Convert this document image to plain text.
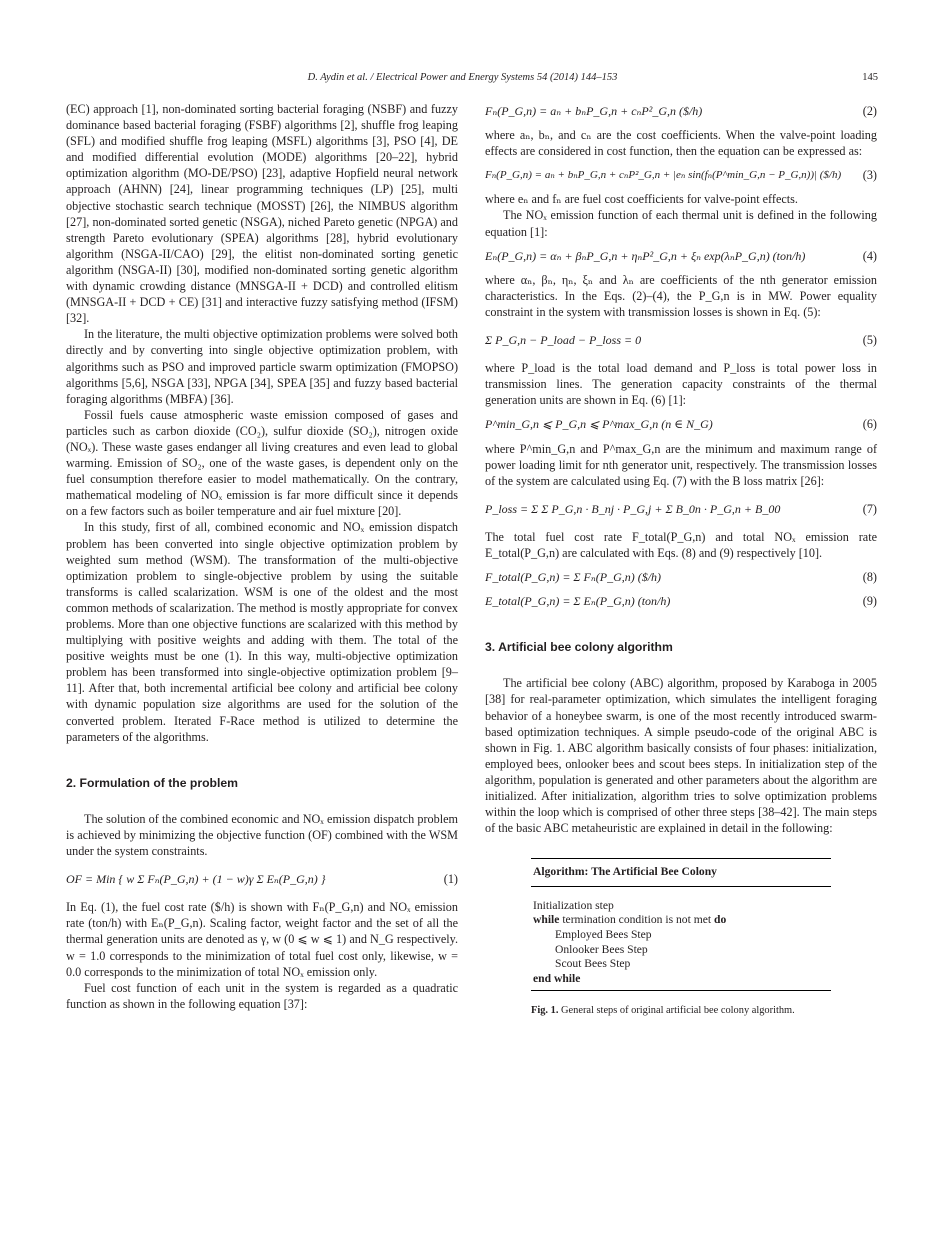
D. Aydin et al. / Electrical Power and Energy Systems 54 (2014) 144–153	145

(EC) approach [1], non-dominated sorting bacterial foraging (NSBF) and fuzzy dominance based bacterial foraging (FSBF) algorithms [2], shuffle frog leaping (SFL) and modified shuffle frog leaping (MSFL) algorithms [3], PSO [4], DE and modified differential evolution (MODE) algorithms [20–22], hybrid optimization algorithm (MO-DE/PSO) [23], adaptive Hopfield neural network approach (AHNN) [24], linear programming techniques (LP) [25], multi objective stochastic search technique (MOSST) [26], the NIMBUS algorithm [27], non-dominated sorted genetic (NSGA), niched Pareto genetic (NPGA) and strength Pareto evolutionary (SPEA) algorithms [28], hybrid evolutionary algorithm (NSGA-II/CAO) [29], the elitist non-dominated sorting genetic algorithm (NSGA-II) [30], modified non-dominated sorting genetic algorithm with dynamic crowding distance (MNSGA-II + DCD) and controlled elitism (MNSGA-II + DCD + CE) [31] and interactive fuzzy satisfying method (IFSM) [32].

In the literature, the multi objective optimization problems were solved both directly and by converting into single objective optimization problem, with algorithms such as PSO and improved particle swarm optimization (FMOPSO) algorithms [5,6], NSGA [33], NPGA [34], SPEA [35] and fuzzy based bacterial foraging algorithms (MBFA) [36].

Fossil fuels cause atmospheric waste emission composed of gases and particles such as carbon dioxide (CO₂), sulfur dioxide (SO₂), nitrogen oxide (NOₓ). These waste gases endanger all living creatures and even lead to global warming. Emission of SO₂, one of the waste gases, is dependent only on the fuel consumption therefore easier to model mathematically. On the contrary, mathematical modeling of NOₓ emission is far more difficult since it depends on a few factors such as boiler temperature and air fuel mixture [20].

In this study, first of all, combined economic and NOₓ emission dispatch problem has been converted into single objective optimization problem by weighted sum method (WSM). The transformation of the multi-objective optimization problem to single-objective problem by using the suitable transforms is called scalarization. WSM is one of the oldest and the most common methods of scalarization. The method is mostly appropriate for convex problems. More than one objective functions are scalarized with this method by multiplying with positive weights and adding with them. The total of the positive weights must be one (1). In this way, multi-objective optimization problem has been transformed into single-objective optimization problem [9–11]. After that, both incremental artificial bee colony and artificial bee colony with dynamic population size algorithms are used for the solution of the converted problem. Iterated F-Race method is utilized to determine the parameters of the algorithms.

2. Formulation of the problem

The solution of the combined economic and NOₓ emission dispatch problem is achieved by minimizing the objective function (OF) combined with the WSM under the system constraints.

OF = Min { w Σ Fₙ(P_G,n) + (1 − w)γ Σ Eₙ(P_G,n) }	(1)

In Eq. (1), the fuel cost rate ($/h) is shown with Fₙ(P_G,n) and NOₓ emission rate (ton/h) with Eₙ(P_G,n). Scaling factor, weight factor and the set of all the thermal generation units are denoted as γ, w (0 ⩽ w ⩽ 1) and N_G respectively. w = 1.0 corresponds to the minimization of total fuel cost only, likewise, w = 0.0 corresponds to the minimization of total NOₓ emission only.

Fuel cost function of each unit in the system is regarded as a quadratic function as shown in the following equation [37]:

Fₙ(P_G,n) = aₙ + bₙP_G,n + cₙP²_G,n ($/h)	(2)

where aₙ, bₙ, and cₙ are the cost coefficients. When the valve-point loading effects are considered in cost function, then the equation can be expressed as:

Fₙ(P_G,n) = aₙ + bₙP_G,n + cₙP²_G,n + |eₙ sin(fₙ(P^min_G,n − P_G,n))| ($/h) (3)

where eₙ and fₙ are fuel cost coefficients for valve-point effects.

The NOₓ emission function of each thermal unit is defined in the following equation [1]:

Eₙ(P_G,n) = αₙ + βₙP_G,n + ηₙP²_G,n + ξₙ exp(λₙP_G,n) (ton/h)	(4)

where αₙ, βₙ, ηₙ, ξₙ and λₙ are coefficients of the nth generator emission characteristics. In the Eqs. (2)–(4), the P_G,n is in MW. Power equality constraint in the system with transmission losses is shown in Eq. (5):

Σ P_G,n − P_load − P_loss = 0	(5)

where P_load is the total load demand and P_loss is total power loss in transmission lines. The generation capacity constraints of the thermal generation units are shown in Eq. (6) [1]:

P^min_G,n ⩽ P_G,n ⩽ P^max_G,n (n ∈ N_G)	(6)

where P^min_G,n and P^max_G,n are the minimum and maximum range of power loading limit for nth generator unit, respectively. The transmission losses of the system are calculated using Eq. (7) with the B loss matrix [26]:

P_loss = Σ Σ P_G,n · B_nj · P_G,j + Σ B_0n · P_G,n + B_00	(7)

The total fuel cost rate F_total(P_G,n) and total NOₓ emission rate E_total(P_G,n) are calculated with Eqs. (8) and (9) respectively [10].

F_total(P_G,n) = Σ Fₙ(P_G,n) ($/h)	(8)
E_total(P_G,n) = Σ Eₙ(P_G,n) (ton/h)	(9)
3. Artificial bee colony algorithm

The artificial bee colony (ABC) algorithm, proposed by Karaboga in 2005 [38] for real-parameter optimization, which simulates the intelligent foraging behavior of a honeybee swarm, is one of the most recently introduced swarm-based optimization techniques. A simple pseudo-code of the original ABC is shown in Fig. 1. ABC algorithm basically consists of four phases: initialization, employed bees, onlooker bees and scout bees steps. In initialization step of the algorithm, population is generated and other parameters about the algorithm are initialized. After initialization, algorithm tries to solve optimization problems within the loop which is comprised of other three steps [38–42]. The main steps of the basic ABC metaheuristic are explained in detail in the following:

Algorithm: The Artificial Bee Colony
Initialization step
while termination condition is not met do
Employed Bees Step
Onlooker Bees Step
Scout Bees Step
end while
Fig. 1. General steps of original artificial bee colony algorithm.
